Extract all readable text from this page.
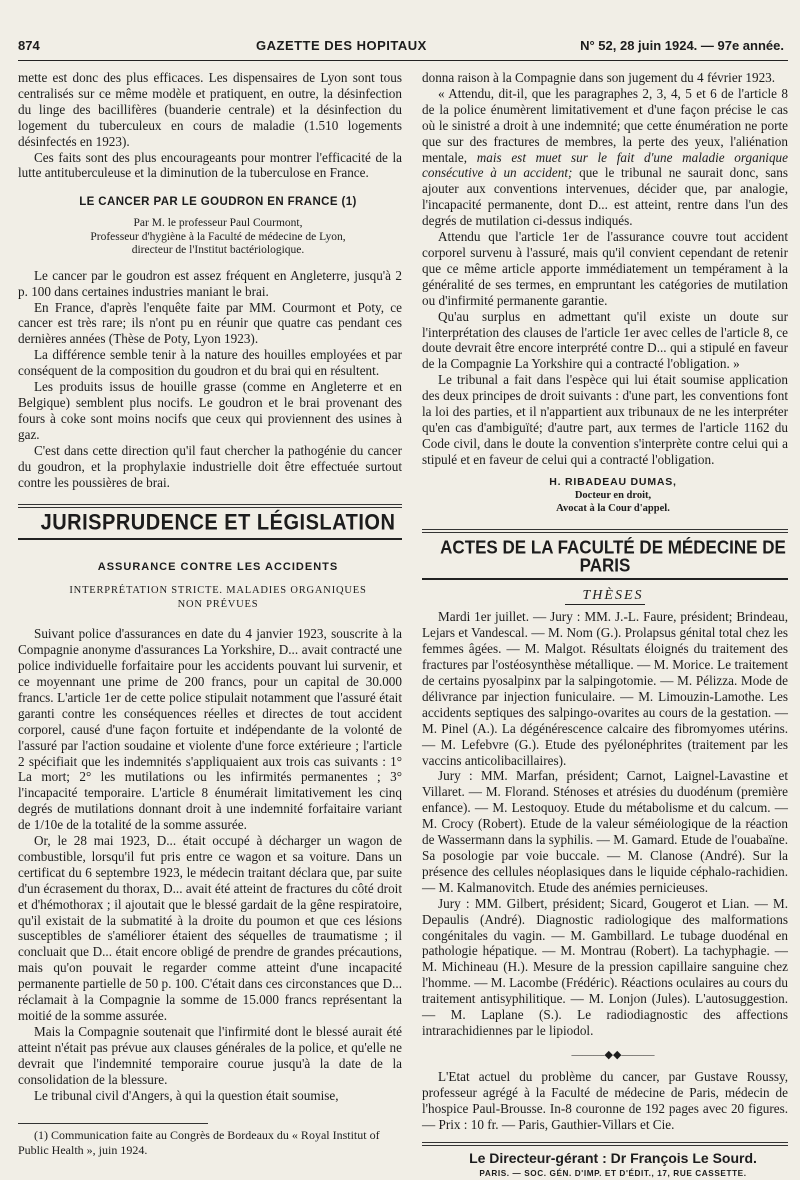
874	GAZETTE DES HOPITAUX	N° 52, 28 juin 1924. — 97e année.

mette est donc des plus efficaces. Les dispensaires de Lyon sont tous centralisés sur ce même modèle et pratiquent, en outre, la désinfection du linge des bacillifères (buanderie centrale) et la désinfection du logement du tuberculeux en cours de maladie (1.510 logements désinfectés en 1923).

Ces faits sont des plus encourageants pour montrer l'efficacité de la lutte antituberculeuse et la diminution de la tuberculose en France.

LE CANCER PAR LE GOUDRON EN FRANCE (1)

Par M. le professeur Paul Courmont,

Professeur d'hygiène à la Faculté de médecine de Lyon,

directeur de l'Institut bactériologique.

Le cancer par le goudron est assez fréquent en Angleterre, jusqu'à 2 p. 100 dans certaines industries maniant le brai.

En France, d'après l'enquête faite par MM. Courmont et Poty, ce cancer est très rare; ils n'ont pu en réunir que quatre cas pendant ces dernières années (Thèse de Poty, Lyon 1923).

La différence semble tenir à la nature des houilles employées et par conséquent de la composition du goudron et du brai qui en résultent.

Les produits issus de houille grasse (comme en Angleterre et en Belgique) semblent plus nocifs. Le goudron et le brai provenant des fours à coke sont moins nocifs que ceux qui proviennent des usines à gaz.

C'est dans cette direction qu'il faut chercher la pathogénie du cancer du goudron, et la prophylaxie industrielle doit être effectuée surtout contre les poussières de brai.

JURISPRUDENCE ET LÉGISLATION

ASSURANCE CONTRE LES ACCIDENTS

INTERPRÉTATION STRICTE. MALADIES ORGANIQUES

NON PRÉVUES

Suivant police d'assurances en date du 4 janvier 1923, souscrite à la Compagnie anonyme d'assurances La Yorkshire, D... avait contracté une police individuelle forfaitaire pour les accidents pouvant lui survenir, et ce moyennant une prime de 200 francs, pour un capital de 30.000 francs. L'article 1er de cette police stipulait notamment que l'assuré était garanti contre les conséquences réelles et directes de tout accident corporel, causé d'une façon fortuite et indépendante de la volonté de l'assuré par l'action soudaine et violente d'une force extérieure ; l'article 2 spécifiait que les indemnités s'appliquaient aux trois cas suivants : 1° La mort; 2° les mutilations ou les infirmités permanentes ; 3° l'incapacité temporaire. L'article 8 énumérait limitativement les cinq degrés de mutilations donnant droit à une indemnité forfaitaire variant de 1/10e de la totalité de la somme assurée.

Or, le 28 mai 1923, D... était occupé à décharger un wagon de combustible, lorsqu'il fut pris entre ce wagon et sa voiture. Dans un certificat du 6 septembre 1923, le médecin traitant déclara que, par suite d'un écrasement du thorax, D... avait été atteint de fractures du côté droit et d'hémothorax ; il ajoutait que le blessé gardait de la gêne respiratoire, qu'il existait de la submatité à la droite du poumon et que ces lésions susceptibles de s'améliorer étaient des séquelles de traumatisme ; il concluait que D... était encore obligé de prendre de grandes précautions, mais qu'on pouvait le regarder comme atteint d'une incapacité permanente partielle de 50 p. 100. C'était dans ces circonstances que D... réclamait à la Compagnie la somme de 15.000 francs représentant la moitié de la somme assurée.

Mais la Compagnie soutenait que l'infirmité dont le blessé aurait été atteint n'était pas prévue aux clauses générales de la police, et qu'elle ne devrait que l'indemnité temporaire courue jusqu'à la date de la consolidation de la blessure.

Le tribunal civil d'Angers, à qui la question était soumise,

(1) Communication faite au Congrès de Bordeaux du « Royal Institut of Public Health », juin 1924.

donna raison à la Compagnie dans son jugement du 4 février 1923.

« Attendu, dit-il, que les paragraphes 2, 3, 4, 5 et 6 de l'article 8 de la police énumèrent limitativement et d'une façon précise le cas où le sinistré a droit à une indemnité; que cette énumération ne porte que sur des fractures de membres, la perte des yeux, l'aliénation mentale, mais est muet sur le fait d'une maladie organique consécutive à un accident; que le tribunal ne saurait donc, sans ajouter aux conventions intervenues, décider que, par analogie, l'incapacité permanente, dont D... est atteint, rentre dans l'un des degrés de mutilation ci-dessus indiqués.

Attendu que l'article 1er de l'assurance couvre tout accident corporel survenu à l'assuré, mais qu'il convient cependant de retenir que ce même article apporte immédiatement un tempérament à la généralité de ses termes, en empruntant les catégories de mutilation ou d'infirmité permanente garantie.

Qu'au surplus en admettant qu'il existe un doute sur l'interprétation des clauses de l'article 1er avec celles de l'article 8, ce doute devrait être encore interprété contre D... qui a stipulé en faveur de la Compagnie La Yorkshire qui a contracté l'obligation. »

Le tribunal a fait dans l'espèce qui lui était soumise application des deux principes de droit suivants : d'une part, les conventions font la loi des parties, et il n'appartient aux tribunaux de ne les interpréter qu'en cas d'ambiguïté; d'autre part, aux termes de l'article 1162 du Code civil, dans le doute la convention s'interprète contre celui qui a stipulé et en faveur de celui qui a contracté l'obligation.

H. RIBADEAU DUMAS,

Docteur en droit,

Avocat à la Cour d'appel.

ACTES DE LA FACULTÉ DE MÉDECINE DE PARIS

THÈSES

Mardi 1er juillet. — Jury : MM. J.-L. Faure, président; Brindeau, Lejars et Vandescal. — M. Nom (G.). Prolapsus génital total chez les femmes âgées. — M. Malgot. Résultats éloignés du traitement des fractures par l'ostéosynthèse métallique. — M. Morice. Le traitement de certains pyosalpinx par la salpingotomie. — M. Pélizza. Mode de délivrance par injection funiculaire. — M. Limouzin-Lamothe. Les accidents septiques des salpingo-ovarites au cours de la gestation. — M. Pinel (A.). La dégénérescence calcaire des fibromyomes utérins. — M. Lefebvre (G.). Etude des pyélonéphrites (traitement par les vaccins anticolibacillaires).

Jury : MM. Marfan, président; Carnot, Laignel-Lavastine et Villaret. — M. Florand. Sténoses et atrésies du duodénum (première enfance). — M. Lestoquoy. Etude du métabolisme et du calcum. — M. Crocy (Robert). Etude de la valeur séméiologique de la réaction de Wassermann dans la syphilis. — M. Gamard. Etude de l'ouabaïne. Sa posologie par voie buccale. — M. Clanose (André). Sur la présence des cellules néoplasiques dans le liquide céphalo-rachidien. — M. Kalmanovitch. Etude des anémies pernicieuses.

Jury : MM. Gilbert, président; Sicard, Gougerot et Lian. — M. Depaulis (André). Diagnostic radiologique des malformations congénitales du vagin. — M. Gambillard. Le tubage duodénal en pathologie hépatique. — M. Montrau (Robert). La tachyphagie. — M. Michineau (H.). Mesure de la pression capillaire sanguine chez l'homme. — M. Lacombe (Frédéric). Réactions oculaires au cours du traitement antisyphilitique. — M. Lonjon (Jules). L'autosuggestion. — M. Laplane (S.). Le radiodiagnostic des affections intrarachidiennes par le lipiodol.

———◆◆———

L'Etat actuel du problème du cancer, par Gustave Roussy, professeur agrégé à la Faculté de médecine de Paris, médecin de l'hospice Paul-Brousse. In-8 couronne de 192 pages avec 20 figures. — Prix : 10 fr. — Paris, Gauthier-Villars et Cie.

Le Directeur-gérant : Dr François Le Sourd.

PARIS. — SOC. GÉN. D'IMP. ET D'ÉDIT., 17, RUE CASSETTE.
